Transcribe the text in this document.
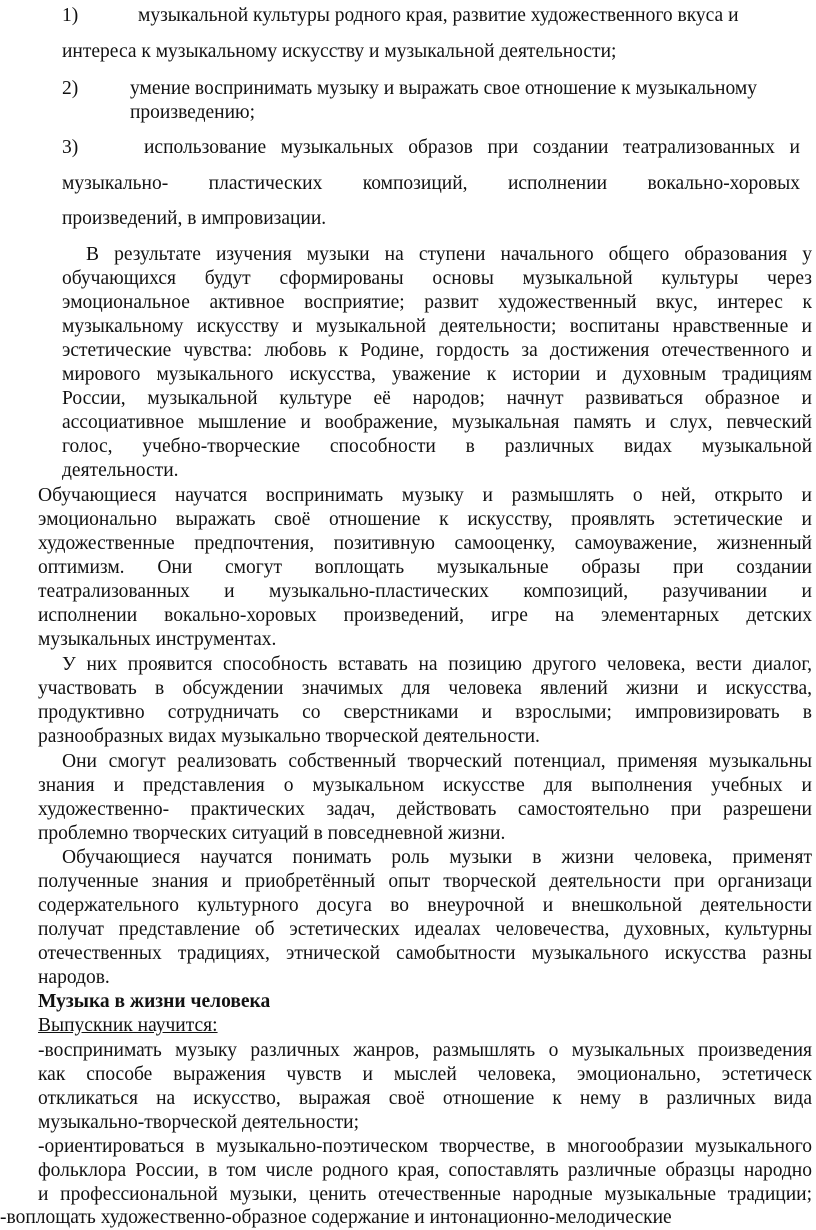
1)	музыкальной культуры родного края, развитие художественного вкуса и
интереса к музыкальному искусству и музыкальной деятельности;
2)	умение воспринимать музыку и выражать свое отношение к музыкальному
произведению;
3)	использование музыкальных образов при создании театрализованных и
музыкально- пластических композиций, исполнении вокально-хоровых
произведений, в импровизации.
В результате изучения музыки на ступени начального общего образования у
обучающихся будут сформированы основы музыкальной культуры через
эмоциональное активное восприятие; развит художественный вкус, интерес к
музыкальному искусству и музыкальной деятельности; воспитаны нравственные и
эстетические чувства: любовь к Родине, гордость за достижения отечественного и
мирового музыкального искусства, уважение к истории и духовным традициям
России, музыкальной культуре её народов; начнут развиваться образное и
ассоциативное мышление и воображение, музыкальная память и слух, певческий
голос, учебно-творческие способности в различных видах музыкальной
деятельности.
Обучающиеся научатся воспринимать музыку и размышлять о ней, открыто и
эмоционально выражать своё отношение к искусству, проявлять эстетические и
художественные предпочтения, позитивную самооценку, самоуважение, жизненный
оптимизм. Они смогут воплощать музыкальные образы при создании
театрализованных и музыкально-пластических композиций, разучивании и
исполнении вокально-хоровых произведений, игре на элементарных детских
музыкальных инструментах.
У них проявится способность вставать на позицию другого человека, вести диалог,
участвовать в обсуждении значимых для человека явлений жизни и искусства,
продуктивно сотрудничать со сверстниками и взрослыми; импровизировать в
разнообразных видах музыкально творческой деятельности.
Они смогут реализовать собственный творческий потенциал, применяя музыкальны
знания и представления о музыкальном искусстве для выполнения учебных и
художественно- практических задач, действовать самостоятельно при разрешени
проблемно творческих ситуаций в повседневной жизни.
Обучающиеся научатся понимать роль музыки в жизни человека, применят
полученные знания и приобретённый опыт творческой деятельности при организаци
содержательного культурного досуга во внеурочной и внешкольной деятельности
получат представление об эстетических идеалах человечества, духовных, культурны
отечественных традициях, этнической самобытности музыкального искусства разны
народов.
Музыка в жизни человека
Выпускник научится:
-воспринимать музыку различных жанров, размышлять о музыкальных произведения
как способе выражения чувств и мыслей человека, эмоционально, эстетическ
откликаться на искусство, выражая своё отношение к нему в различных вида
музыкально-творческой деятельности;
-ориентироваться в музыкально-поэтическом творчестве, в многообразии музыкального
фольклора России, в том числе родного края, сопоставлять различные образцы народно
и профессиональной музыки, ценить отечественные народные музыкальные традиции;
-воплощать художественно-образное содержание и интонационно-мелодические
